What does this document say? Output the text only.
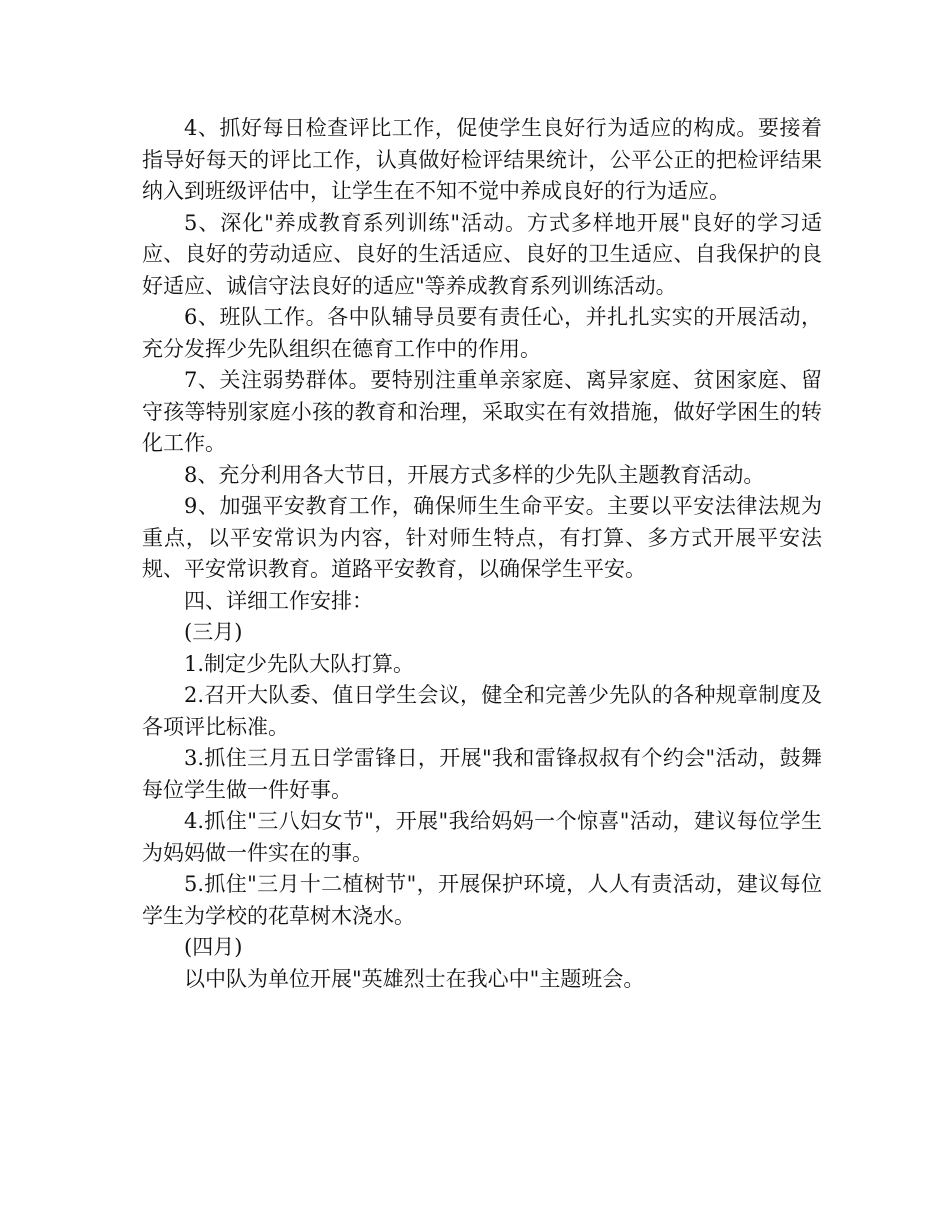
4、抓好每日检查评比工作，促使学生良好行为适应的构成。要接着指导好每天的评比工作，认真做好检评结果统计，公平公正的把检评结果纳入到班级评估中，让学生在不知不觉中养成良好的行为适应。

5、深化"养成教育系列训练"活动。方式多样地开展"良好的学习适应、良好的劳动适应、良好的生活适应、良好的卫生适应、自我保护的良好适应、诚信守法良好的适应"等养成教育系列训练活动。

6、班队工作。各中队辅导员要有责任心，并扎扎实实的开展活动，充分发挥少先队组织在德育工作中的作用。

7、关注弱势群体。要特别注重单亲家庭、离异家庭、贫困家庭、留守孩等特别家庭小孩的教育和治理，采取实在有效措施，做好学困生的转化工作。

8、充分利用各大节日，开展方式多样的少先队主题教育活动。

9、加强平安教育工作，确保师生生命平安。主要以平安法律法规为重点，以平安常识为内容，针对师生特点，有打算、多方式开展平安法规、平安常识教育。道路平安教育，以确保学生平安。

四、详细工作安排：

(三月)

1.制定少先队大队打算。

2.召开大队委、值日学生会议，健全和完善少先队的各种规章制度及各项评比标准。

3.抓住三月五日学雷锋日，开展"我和雷锋叔叔有个约会"活动，鼓舞每位学生做一件好事。

4.抓住"三八妇女节"，开展"我给妈妈一个惊喜"活动，建议每位学生为妈妈做一件实在的事。

5.抓住"三月十二植树节"，开展保护环境，人人有责活动，建议每位学生为学校的花草树木浇水。

(四月)

以中队为单位开展"英雄烈士在我心中"主题班会。
